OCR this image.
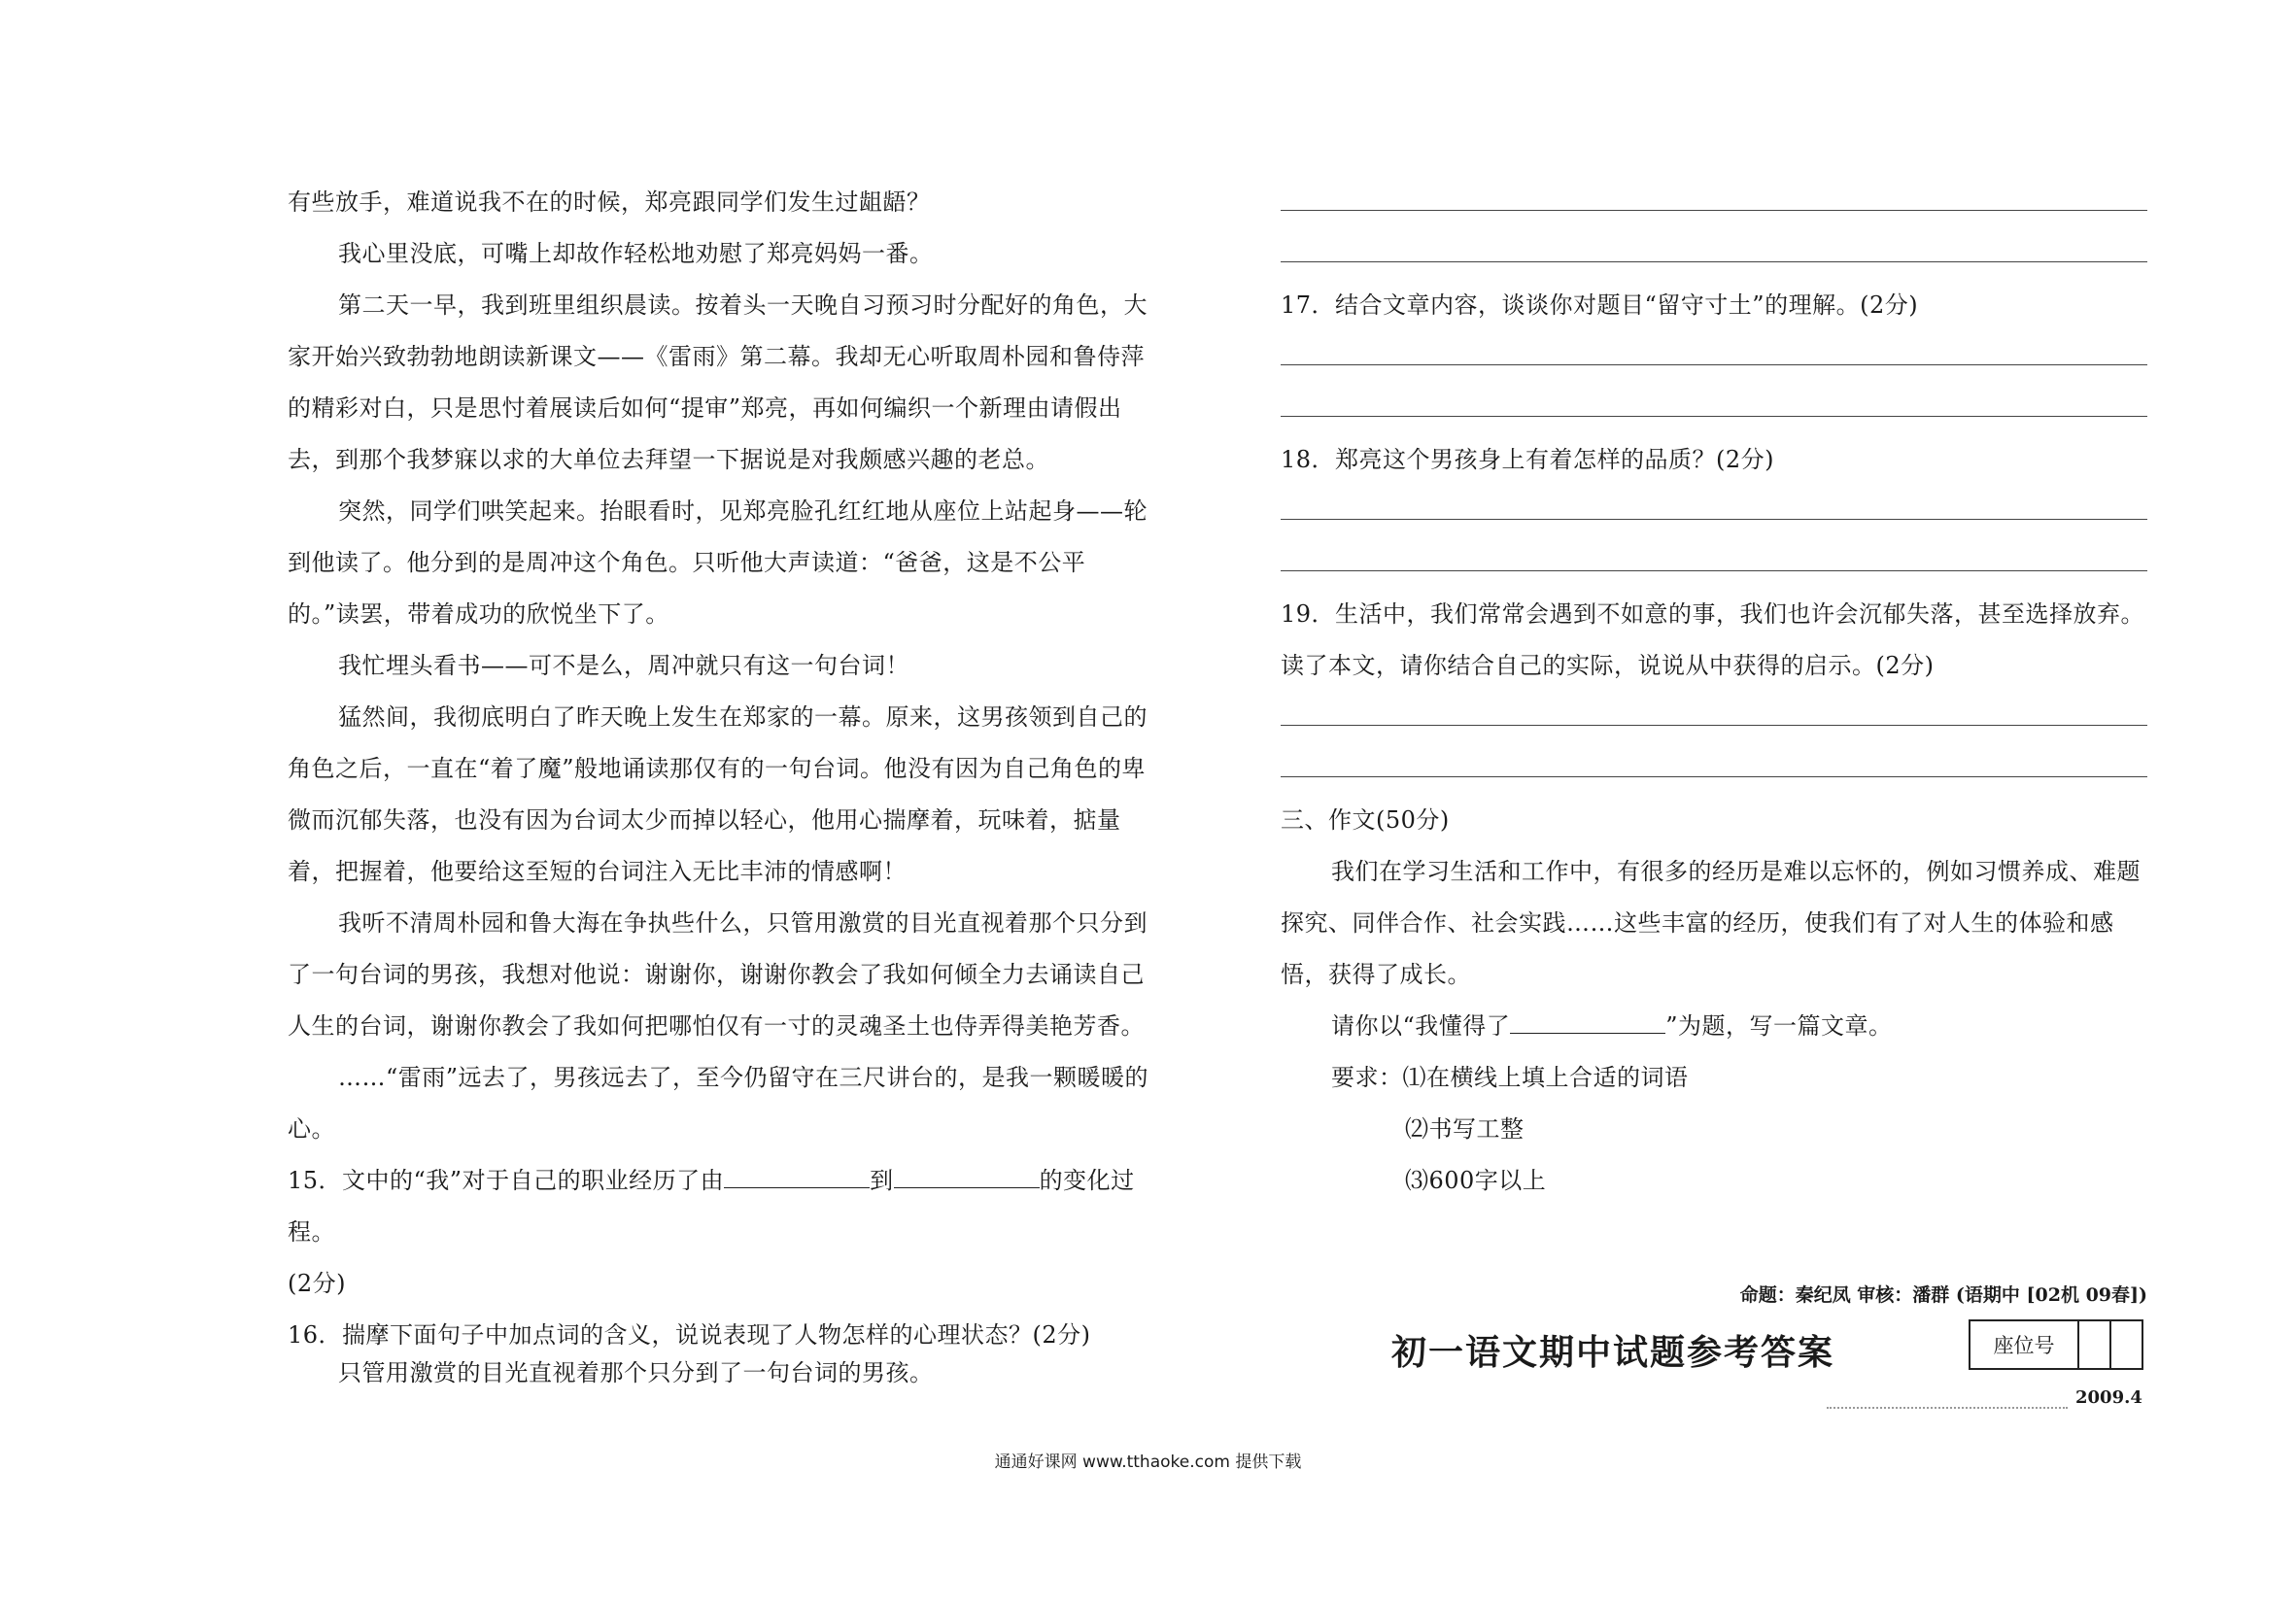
有些放手，难道说我不在的时候，郑亮跟同学们发生过龃龉？

我心里没底，可嘴上却故作轻松地劝慰了郑亮妈妈一番。

第二天一早，我到班里组织晨读。按着头一天晚自习预习时分配好的角色，大家开始兴致勃勃地朗读新课文——《雷雨》第二幕。我却无心听取周朴园和鲁侍萍的精彩对白，只是思忖着展读后如何“提审”郑亮，再如何编织一个新理由请假出去，到那个我梦寐以求的大单位去拜望一下据说是对我颇感兴趣的老总。

突然，同学们哄笑起来。抬眼看时，见郑亮脸孔红红地从座位上站起身——轮到他读了。他分到的是周冲这个角色。只听他大声读道：“爸爸，这是不公平的。”读罢，带着成功的欣悦坐下了。

我忙埋头看书——可不是么，周冲就只有这一句台词！

猛然间，我彻底明白了昨天晚上发生在郑家的一幕。原来，这男孩领到自己的角色之后，一直在“着了魔”般地诵读那仅有的一句台词。他没有因为自己角色的卑微而沉郁失落，也没有因为台词太少而掉以轻心，他用心揣摩着，玩味着，掂量着，把握着，他要给这至短的台词注入无比丰沛的情感啊！

我听不清周朴园和鲁大海在争执些什么，只管用激赏的目光直视着那个只分到了一句台词的男孩，我想对他说：谢谢你，谢谢你教会了我如何倾全力去诵读自己人生的台词，谢谢你教会了我如何把哪怕仅有一寸的灵魂圣土也侍弄得美艳芳香。

……“雷雨”远去了，男孩远去了，至今仍留守在三尺讲台的，是我一颗暖暖的心。

15．文中的“我”对于自己的职业经历了由	到	的变化过程。

(2分)

16．揣摩下面句子中加点词的含义，说说表现了人物怎样的心理状态？(2分)

只管用激赏的目光直视着那个只分到了一句台词的男孩。

17．结合文章内容，谈谈你对题目“留守寸土”的理解。(2分)
18．郑亮这个男孩身上有着怎样的品质？(2分)
19．生活中，我们常常会遇到不如意的事，我们也许会沉郁失落，甚至选择放弃。
读了本文，请你结合自己的实际，说说从中获得的启示。(2分)
三、作文(50分)

我们在学习生活和工作中，有很多的经历是难以忘怀的，例如习惯养成、难题探究、同伴合作、社会实践……这些丰富的经历，使我们有了对人生的体验和感悟，获得了成长。

请你以“我懂得了	”为题，写一篇文章。
要求：⑴在横线上填上合适的词语
⑵书写工整
⑶600字以上
命题：秦纪凤 审核：潘群 (语期中 [02机 09春])
初一语文期中试题参考答案	座位号
2009.4
通通好课网 www.tthaoke.com 提供下载
